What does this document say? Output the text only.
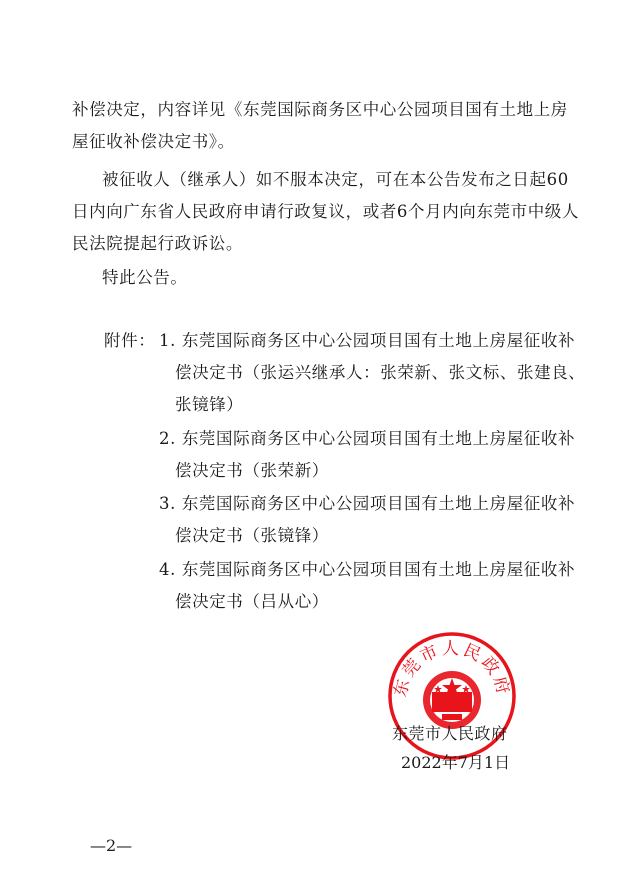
补偿决定，内容详见《东莞国际商务区中心公园项目国有土地上房
屋征收补偿决定书》。
被征收人（继承人）如不服本决定，可在本公告发布之日起60
日内向广东省人民政府申请行政复议，或者6个月内向东莞市中级人
民法院提起行政诉讼。
特此公告。
附件： 1. 东莞国际商务区中心公园项目国有土地上房屋征收补
偿决定书（张运兴继承人：张荣新、张文标、张建良、
张镜锋）
2. 东莞国际商务区中心公园项目国有土地上房屋征收补
偿决定书（张荣新）
3. 东莞国际商务区中心公园项目国有土地上房屋征收补
偿决定书（张镜锋）
4. 东莞国际商务区中心公园项目国有土地上房屋征收补
偿决定书（吕从心）
东莞市人民政府
东莞市人民政府
2022年7月1日
—2—
